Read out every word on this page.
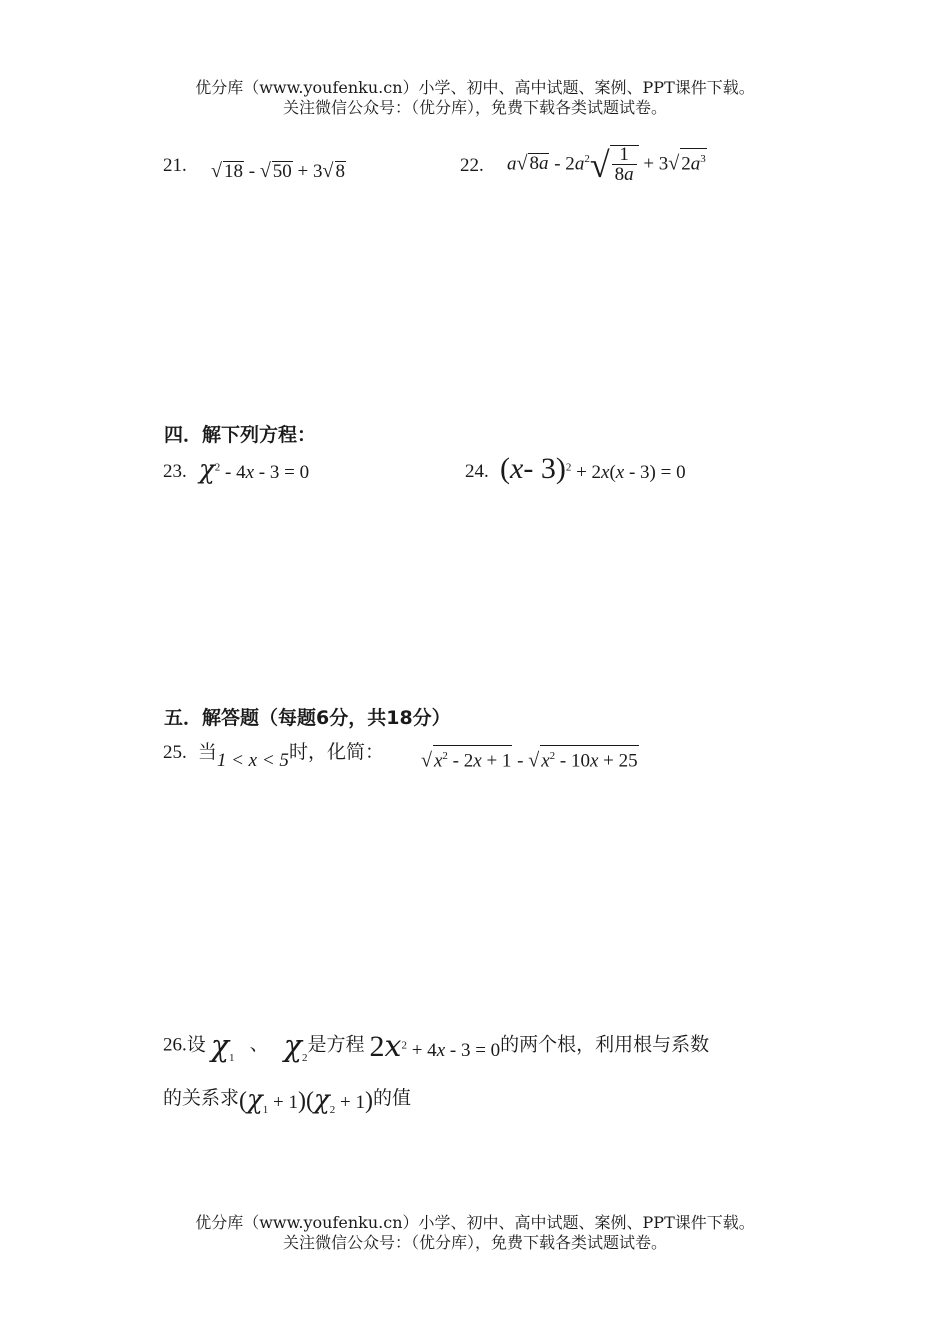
优分库（www.youfenku.cn）小学、初中、高中试题、案例、PPT课件下载。
关注微信公众号：（优分库），免费下载各类试题试卷。
21. √ 18 - √ 50 + 3√ 8	22. a√ $8a - 2a^2√ \frac{1}{8a} + 3√$ $2a^3$
四．解下列方程：
23. $\chi^2 - 4x - 3 = 0$	24. (x- 3)$^2$ + 2x(x - 3) = 0
五．解答题（每题6分，共18分）
25. 当1 < x < 5时，化简： √ $x^2 - 2x + 1$ - √ $x^2 - 10x + 25$
26.设 $\chi_1$ 、 $\chi_2$是方程 $2x^2 + 4x - 3 = 0$的两个根，利用根与系数
的关系求$(\chi_1 + 1)(\chi_2 + 1)$的值
优分库（www.youfenku.cn）小学、初中、高中试题、案例、PPT课件下载。
关注微信公众号：（优分库），免费下载各类试题试卷。
